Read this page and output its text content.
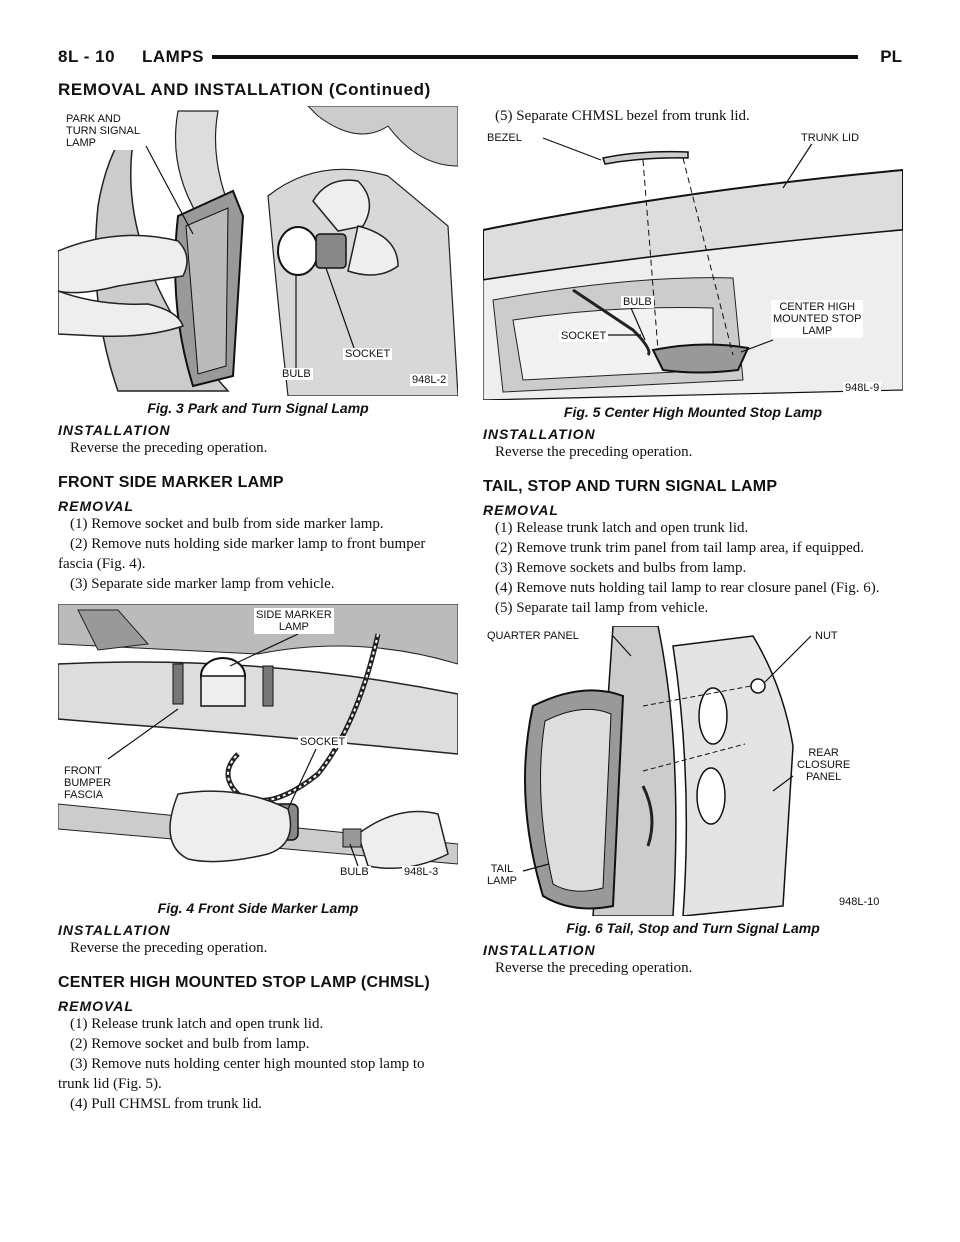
8L - 10 LAMPS	PL
REMOVAL AND INSTALLATION (Continued)
PARK AND
TURN SIGNAL
LAMP
BULB
SOCKET
948L-2
Fig. 3 Park and Turn Signal Lamp
INSTALLATION

Reverse the preceding operation.

FRONT SIDE MARKER LAMP
REMOVAL

(1) Remove socket and bulb from side marker lamp.

(2) Remove nuts holding side marker lamp to front bumper fascia (Fig. 4).

(3) Separate side marker lamp from vehicle.

SIDE MARKER
LAMP
FRONT
BUMPER
FASCIA
SOCKET
BULB	948L-3
Fig. 4 Front Side Marker Lamp
INSTALLATION

Reverse the preceding operation.

CENTER HIGH MOUNTED STOP LAMP (CHMSL)
REMOVAL

(1) Release trunk latch and open trunk lid.

(2) Remove socket and bulb from lamp.

(3) Remove nuts holding center high mounted stop lamp to trunk lid (Fig. 5).

(4) Pull CHMSL from trunk lid.

(5) Separate CHMSL bezel from trunk lid.

BEZEL	TRUNK LID
BULB
SOCKET
CENTER HIGH
MOUNTED STOP
LAMP
948L-9
Fig. 5 Center High Mounted Stop Lamp
INSTALLATION

Reverse the preceding operation.

TAIL, STOP AND TURN SIGNAL LAMP
REMOVAL

(1) Release trunk latch and open trunk lid.

(2) Remove trunk trim panel from tail lamp area, if equipped.

(3) Remove sockets and bulbs from lamp.

(4) Remove nuts holding tail lamp to rear closure panel (Fig. 6).

(5) Separate tail lamp from vehicle.

QUARTER PANEL	NUT
REAR
CLOSURE
PANEL
TAIL
LAMP
948L-10
Fig. 6 Tail, Stop and Turn Signal Lamp
INSTALLATION

Reverse the preceding operation.
